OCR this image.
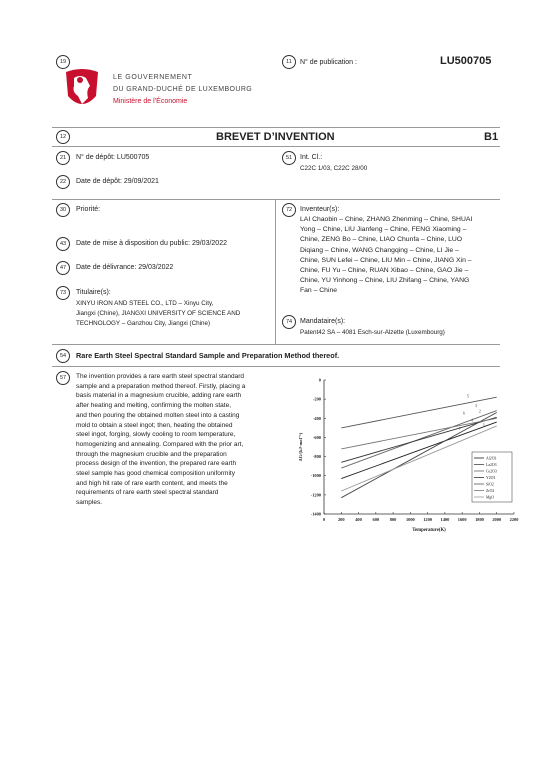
19	11	N° de publication :	LU500705
LE GOUVERNEMENT
DU GRAND-DUCHÉ DE LUXEMBOURG
Ministère de l’Économie
12	BREVET D’INVENTION	B1
21	N° de dépôt: LU500705	51	Int. Cl.:
C22C 1/03, C22C 28/00
22	Date de dépôt: 29/09/2021
30	Priorité:
43	Date de mise à disposition du public: 29/03/2022
47	Date de délivrance: 29/03/2022
73	Titulaire(s):
XINYU IRON AND STEEL CO., LTD – Xinyu City,
Jiangxi (Chine), JIANGXI UNIVERSITY OF SCIENCE AND
TECHNOLOGY – Ganzhou City, Jiangxi (Chine)
72	Inventeur(s):
LAI Chaobin – Chine, ZHANG Zhenming – Chine, SHUAI
Yong – Chine, LIU Jianfeng – Chine, FENG Xiaoming –
Chine, ZENG Bo – Chine, LIAO Chunfa – Chine, LUO
Diqiang – Chine, WANG Changqing – Chine, LI Jie –
Chine, SUN Lefei – Chine, LIU Min – Chine, JIANG Xin –
Chine, FU Yu – Chine, RUAN Xibao – Chine, GAO Jie –
Chine, YU Yinhong – Chine, LIU Zhifang – Chine, YANG
Fan – Chine
74	Mandataire(s):
Patent42 SA – 4081 Esch-sur-Alzette (Luxembourg)
54	Rare Earth Steel Spectral Standard Sample and Preparation Method thereof.
57	The invention provides a rare earth steel spectral standard
sample and a preparation method thereof. Firstly, placing a
basis material in a magnesium crucible, adding rare earth
after heating and melting, confirming the molten state,
and then pouring the obtained molten steel into a casting
mold to obtain a steel ingot; then, heating the obtained
steel ingot, forging, slowly cooling to room temperature,
homogenizing and annealing. Compared with the prior art,
through the magnesium crucible and the preparation
process design of the invention, the prepared rare earth
steel sample has good chemical composition uniformity
and high hit rate of rare earth content, and meets the
requirements of rare earth steel spectral standard
samples.
0	200 400 600 800 1000 1200 1400 1600 1800 2000 2200
0
-200
-400
-600
-800
-1000
-1200
-1400
Temperature(K)
ΔG/(kJ·mol⁻¹)
1
2
3
4
5
6
7
Al2O3
La2O3
Ce2O3
Y2O3
SiO2
ZrO2
MgO
